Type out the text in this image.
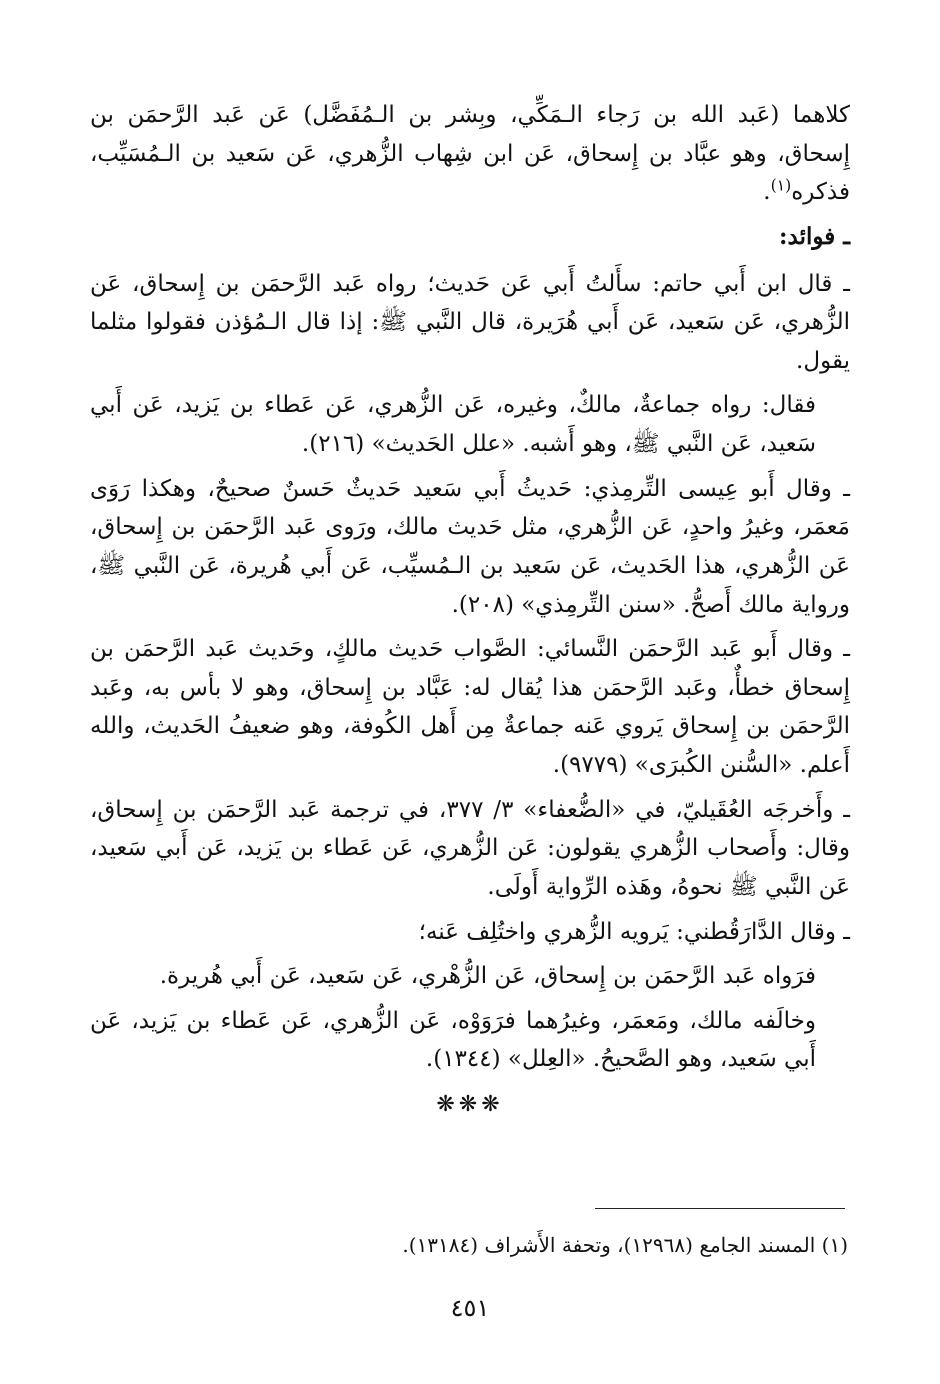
كلاهما (عَبد الله بن رَجاء الـمَكِّي، وبِشر بن الـمُفَضَّل) عَن عَبد الرَّحمَن بن إِسحاق، وهو عبَّاد بن إِسحاق، عَن ابن شِهاب الزُّهري، عَن سَعيد بن الـمُسَيِّب، فذكره$^{(١)}$.

ـ فوائد:

ـ قال ابن أَبي حاتم: سأَلتُ أَبي عَن حَديث؛ رواه عَبد الرَّحمَن بن إِسحاق، عَن الزُّهري، عَن سَعيد، عَن أَبي هُرَيرة، قال النَّبي ﷺ: إذا قال الـمُؤذن فقولوا مثلما يقول.

فقال: رواه جماعةٌ، مالكٌ، وغيره، عَن الزُّهري، عَن عَطاء بن يَزيد، عَن أَبي سَعيد، عَن النَّبي ﷺ، وهو أَشبه. «علل الحَديث» (٢١٦).

ـ وقال أَبو عِيسى التِّرمِذي: حَديثُ أَبي سَعيد حَديثٌ حَسنٌ صحيحٌ، وهكذا رَوَى مَعمَر، وغيرُ واحدٍ، عَن الزُّهري، مثل حَديث مالك، ورَوى عَبد الرَّحمَن بن إِسحاق، عَن الزُّهري، هذا الحَديث، عَن سَعيد بن الـمُسيِّب، عَن أَبي هُريرة، عَن النَّبي ﷺ، ورواية مالك أَصحُّ. «سنن التِّرمِذي» (٢٠٨).

ـ وقال أَبو عَبد الرَّحمَن النَّسائي: الصَّواب حَديث مالكٍ، وحَديث عَبد الرَّحمَن بن إِسحاق خطأٌ، وعَبد الرَّحمَن هذا يُقال له: عَبَّاد بن إِسحاق، وهو لا بأس به، وعَبد الرَّحمَن بن إِسحاق يَروي عَنه جماعةٌ مِن أَهل الكُوفة، وهو ضعيفُ الحَديث، والله أَعلم. «السُّنن الكُبرَى» (٩٧٧٩).

ـ وأَخرجَه العُقَيليّ، في «الضُّعفاء» ٣/ ٣٧٧، في ترجمة عَبد الرَّحمَن بن إِسحاق، وقال: وأَصحاب الزُّهري يقولون: عَن الزُّهري، عَن عَطاء بن يَزيد، عَن أَبي سَعيد، عَن النَّبي ﷺ نحوهُ، وهَذه الرِّواية أَولَى.

ـ وقال الدَّارَقُطني: يَرويه الزُّهري واختُلِف عَنه؛

فرَواه عَبد الرَّحمَن بن إِسحاق، عَن الزُّهْري، عَن سَعيد، عَن أَبي هُريرة.

وخالَفه مالك، ومَعمَر، وغيرُهما فرَوَوْه، عَن الزُّهري، عَن عَطاء بن يَزيد، عَن أَبي سَعيد، وهو الصَّحيحُ. «العِلل» (١٣٤٤).

❋❋❋

(١) المسند الجامع (١٢٩٦٨)، وتحفة الأَشراف (١٣١٨٤).
٤٥١
